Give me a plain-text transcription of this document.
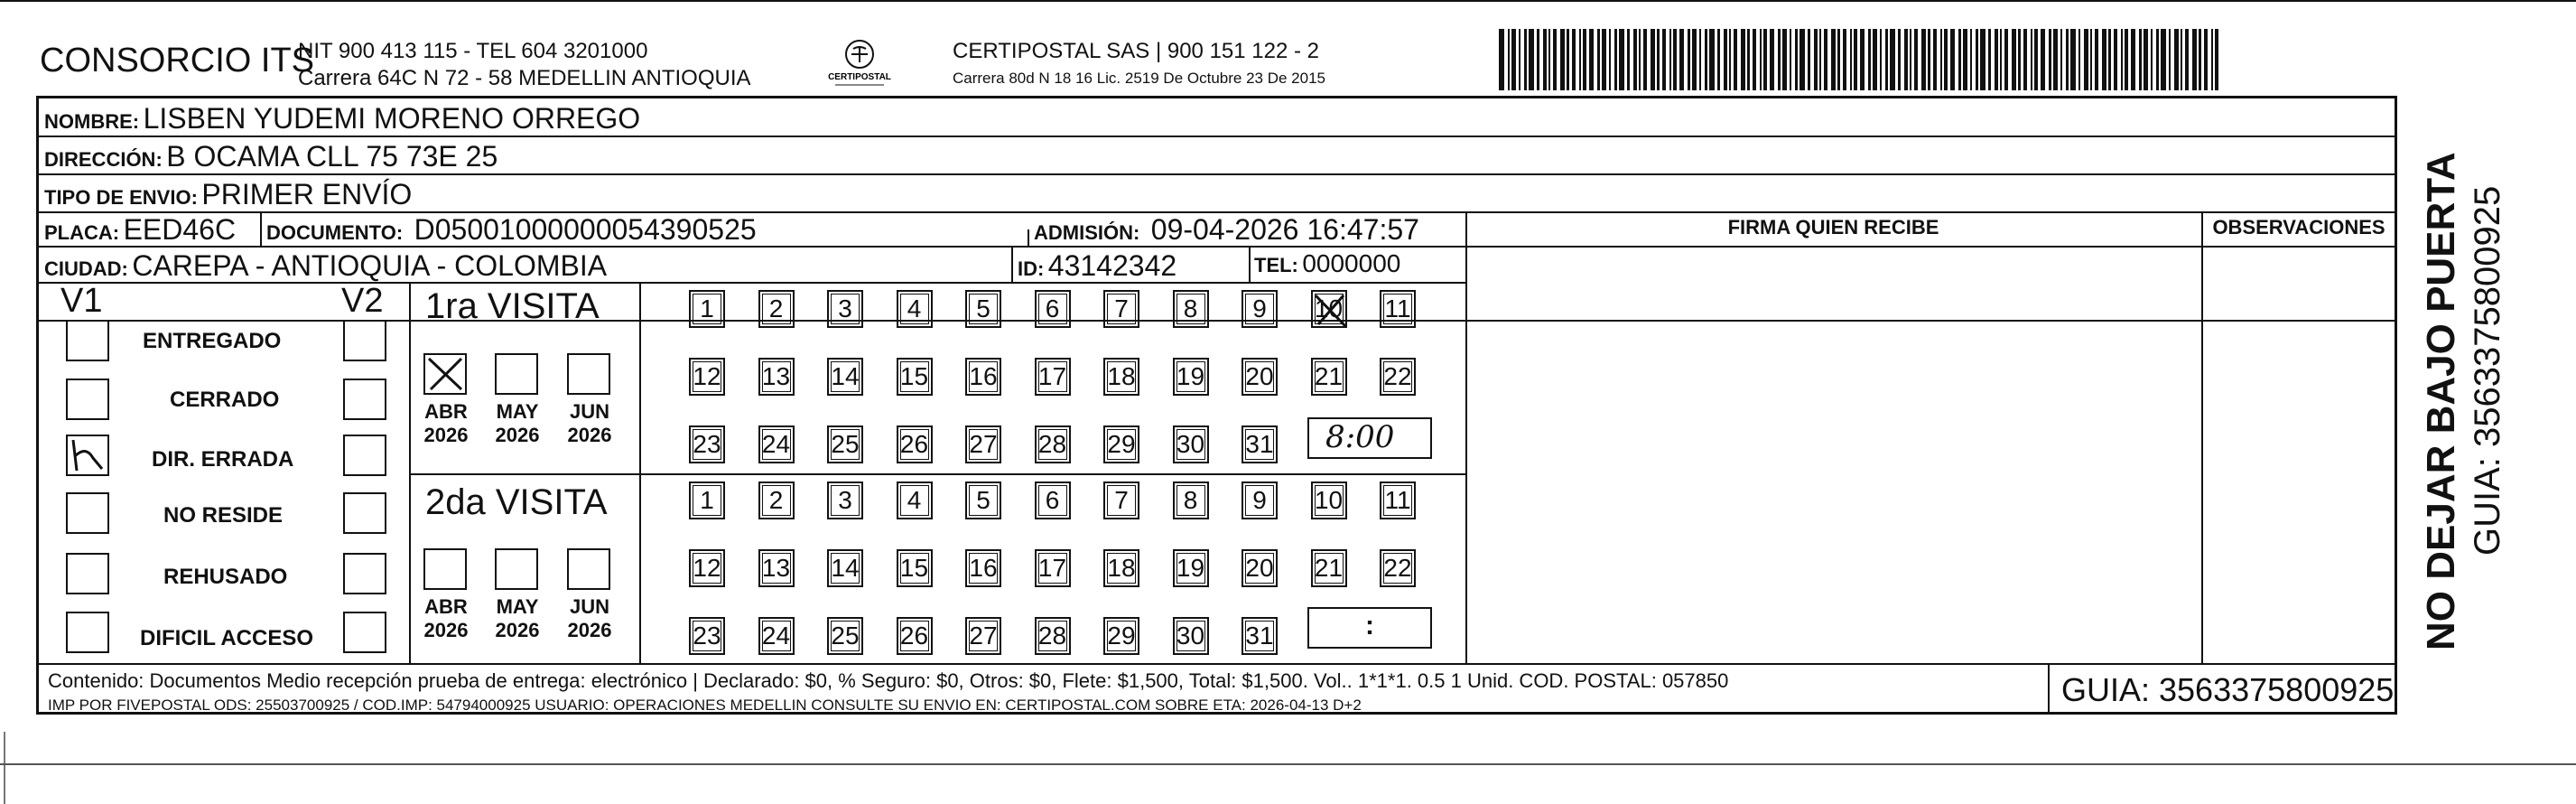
CONSORCIO ITS
NIT 900 413 115 - TEL 604 3201000
Carrera 64C N 72 - 58 MEDELLIN ANTIOQUIA	CERTIPOSTAL
CERTIPOSTAL SAS | 900 151 122 - 2
Carrera 80d N 18 16 Lic. 2519 De Octubre 23 De 2015
NOMBRE: LISBEN YUDEMI MORENO ORREGO
DIRECCIÓN: B OCAMA CLL 75 73E 25
TIPO DE ENVIO: PRIMER ENVÍO
FIRMA QUIEN RECIBE	OBSERVACIONES
PLACA: EED46C DOCUMENTO: D05001000000054390525	ADMISIÓN: 09-04-2026 16:47:57
CIUDAD: CAREPA - ANTIOQUIA - COLOMBIA	ID: 43142342	TEL: 0000000
V1	V2
ENTREGADO
CERRADO
DIR. ERRADA
NO RESIDE
REHUSADO
DIFICIL ACCESO
1ra VISITA
ABR
2026
MAY
2026
JUN
2026
1	2	3	4	5	6	7	8	9	10 11
12 13 14 15 16 17 18 19 20 21 22
23 24 25 26 27 28 29 30 31 8:00
2da VISITA
ABR
2026
MAY
2026
JUN
2026
1	2	3	4	5	6	7	8	9	10 11
12 13 14 15 16 17 18 19 20 21 22
23 24 25 26 27 28 29 30 31	:
Contenido: Documentos Medio recepción prueba de entrega: electrónico | Declarado: $0, % Seguro: $0, Otros: $0, Flete: $1,500, Total: $1,500. Vol.. 1*1*1. 0.5 1 Unid. COD. POSTAL: 057850
IMP POR FIVEPOSTAL ODS: 25503700925 / COD.IMP: 54794000925 USUARIO: OPERACIONES MEDELLIN CONSULTE SU ENVIO EN: CERTIPOSTAL.COM SOBRE ETA: 2026-04-13 D+2	GUIA: 3563375800925
NO DEJAR BAJO PUERTA GUIA: 3563375800925
